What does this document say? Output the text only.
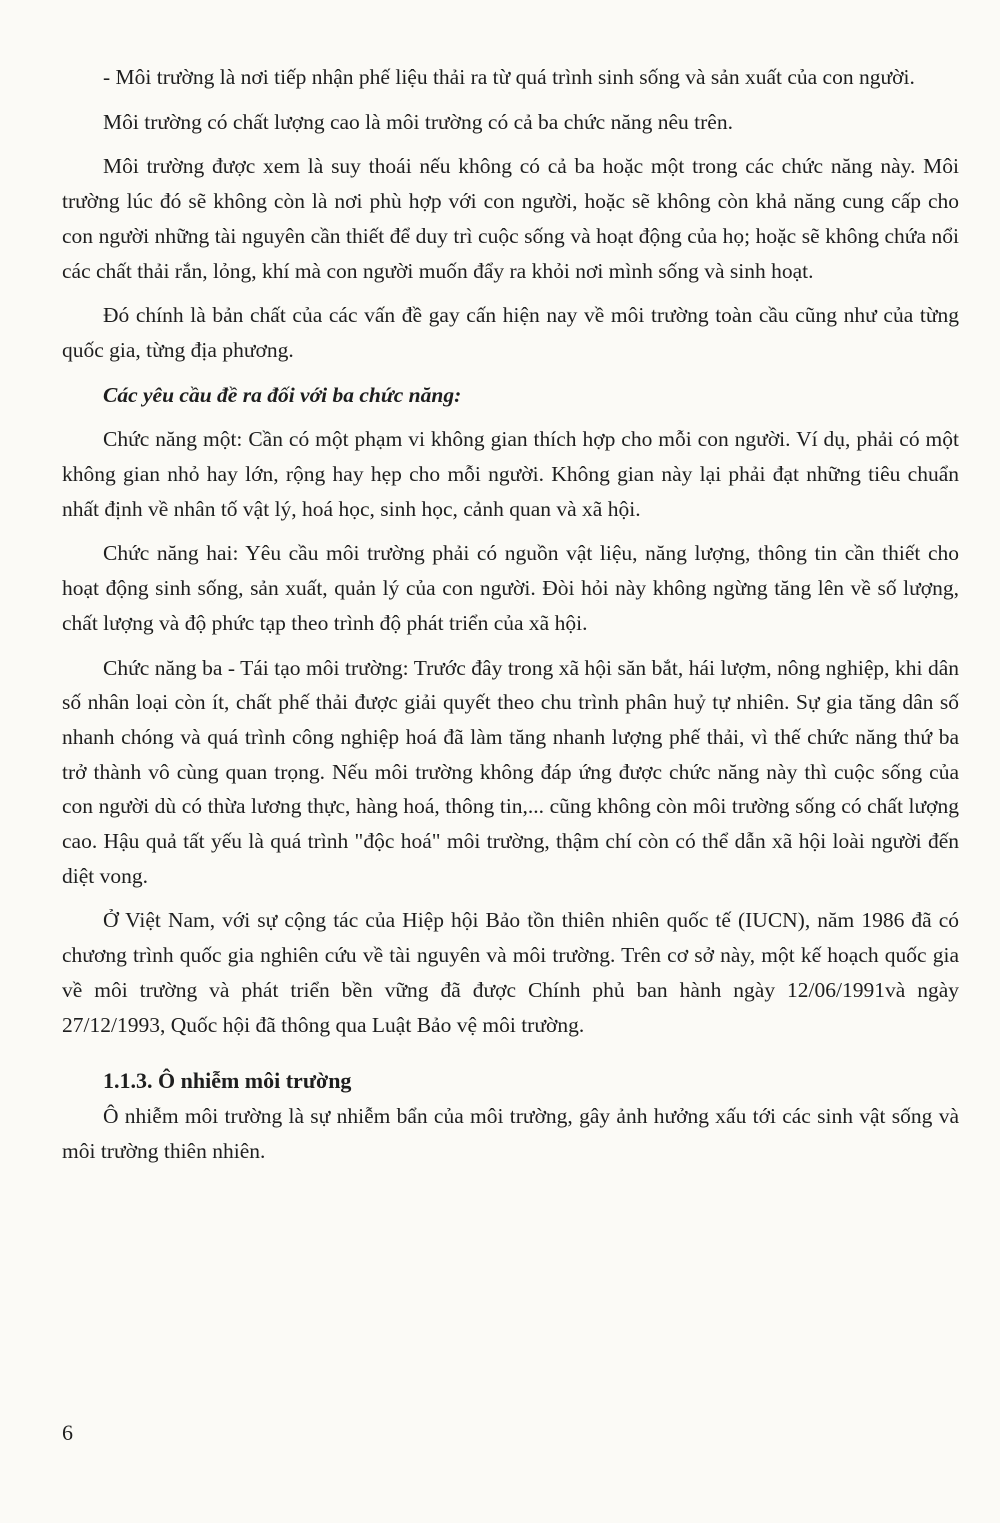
- Môi trường là nơi tiếp nhận phế liệu thải ra từ quá trình sinh sống và sản xuất của con người.

Môi trường có chất lượng cao là môi trường có cả ba chức năng nêu trên.

Môi trường được xem là suy thoái nếu không có cả ba hoặc một trong các chức năng này. Môi trường lúc đó sẽ không còn là nơi phù hợp với con người, hoặc sẽ không còn khả năng cung cấp cho con người những tài nguyên cần thiết để duy trì cuộc sống và hoạt động của họ; hoặc sẽ không chứa nổi các chất thải rắn, lỏng, khí mà con người muốn đẩy ra khỏi nơi mình sống và sinh hoạt.

Đó chính là bản chất của các vấn đề gay cấn hiện nay về môi trường toàn cầu cũng như của từng quốc gia, từng địa phương.

Các yêu cầu đề ra đối với ba chức năng:

Chức năng một: Cần có một phạm vi không gian thích hợp cho mỗi con người. Ví dụ, phải có một không gian nhỏ hay lớn, rộng hay hẹp cho mỗi người. Không gian này lại phải đạt những tiêu chuẩn nhất định về nhân tố vật lý, hoá học, sinh học, cảnh quan và xã hội.

Chức năng hai: Yêu cầu môi trường phải có nguồn vật liệu, năng lượng, thông tin cần thiết cho hoạt động sinh sống, sản xuất, quản lý của con người. Đòi hỏi này không ngừng tăng lên về số lượng, chất lượng và độ phức tạp theo trình độ phát triển của xã hội.

Chức năng ba - Tái tạo môi trường: Trước đây trong xã hội săn bắt, hái lượm, nông nghiệp, khi dân số nhân loại còn ít, chất phế thải được giải quyết theo chu trình phân huỷ tự nhiên. Sự gia tăng dân số nhanh chóng và quá trình công nghiệp hoá đã làm tăng nhanh lượng phế thải, vì thế chức năng thứ ba trở thành vô cùng quan trọng. Nếu môi trường không đáp ứng được chức năng này thì cuộc sống của con người dù có thừa lương thực, hàng hoá, thông tin,... cũng không còn môi trường sống có chất lượng cao. Hậu quả tất yếu là quá trình "độc hoá" môi trường, thậm chí còn có thể dẫn xã hội loài người đến diệt vong.

Ở Việt Nam, với sự cộng tác của Hiệp hội Bảo tồn thiên nhiên quốc tế (IUCN), năm 1986 đã có chương trình quốc gia nghiên cứu về tài nguyên và môi trường. Trên cơ sở này, một kế hoạch quốc gia về môi trường và phát triển bền vững đã được Chính phủ ban hành ngày 12/06/1991và ngày 27/12/1993, Quốc hội đã thông qua Luật Bảo vệ môi trường.

1.1.3. Ô nhiễm môi trường

Ô nhiễm môi trường là sự nhiễm bẩn của môi trường, gây ảnh hưởng xấu tới các sinh vật sống và môi trường thiên nhiên.

6
